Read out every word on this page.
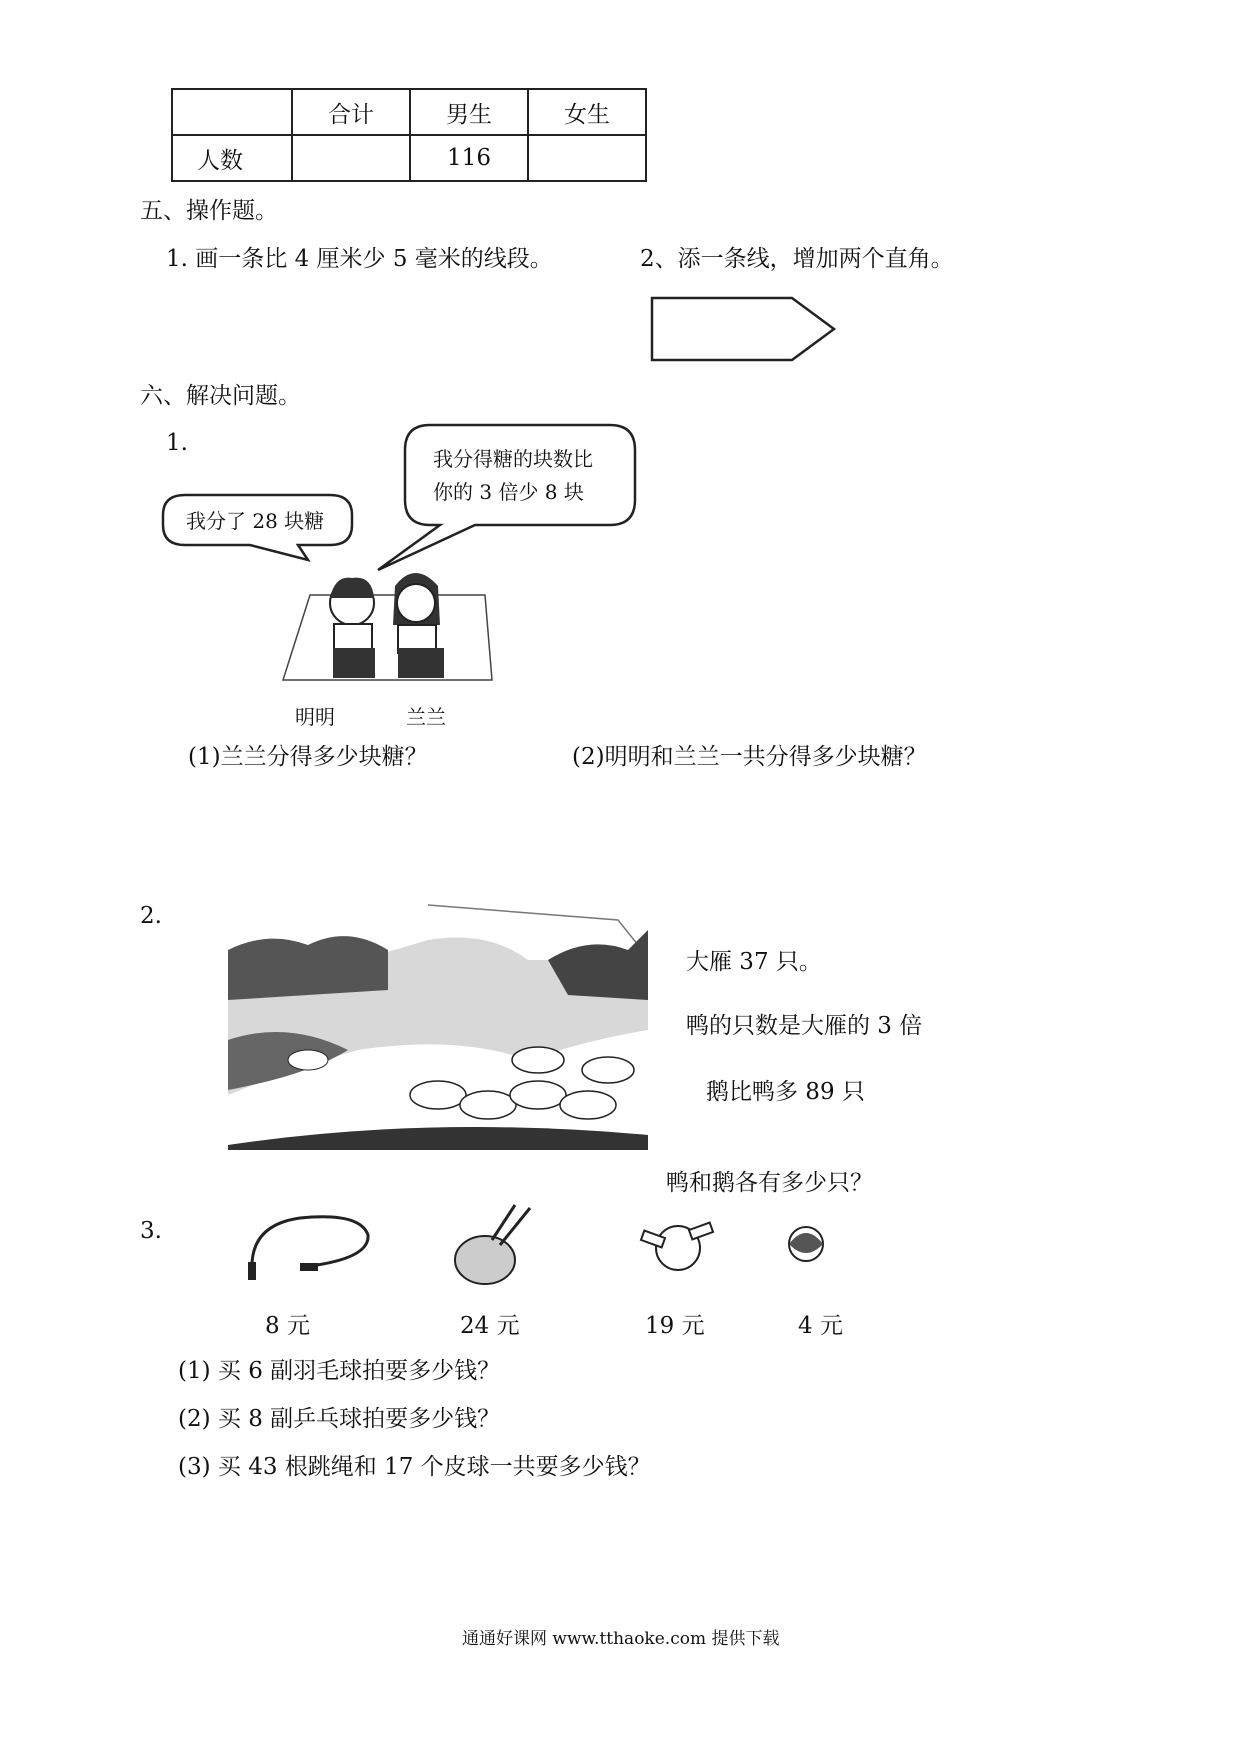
	合计	男生	女生
人数		116	
五、操作题。
1. 画一条比 4 厘米少 5 毫米的线段。	2、添一条线，增加两个直角。
六、解决问题。
1.
我分得糖的块数比
你的 3 倍少 8 块
我分了 28 块糖
明明	兰兰
(1)兰兰分得多少块糖？	(2)明明和兰兰一共分得多少块糖？
2.
大雁 37 只。
鸭的只数是大雁的 3 倍
鹅比鸭多 89 只
鸭和鹅各有多少只？
3.
8 元	24 元	19 元	4 元
(1) 买 6 副羽毛球拍要多少钱？
(2) 买 8 副乒乓球拍要多少钱？
(3) 买 43 根跳绳和 17 个皮球一共要多少钱？
通通好课网 www.tthaoke.com 提供下载
